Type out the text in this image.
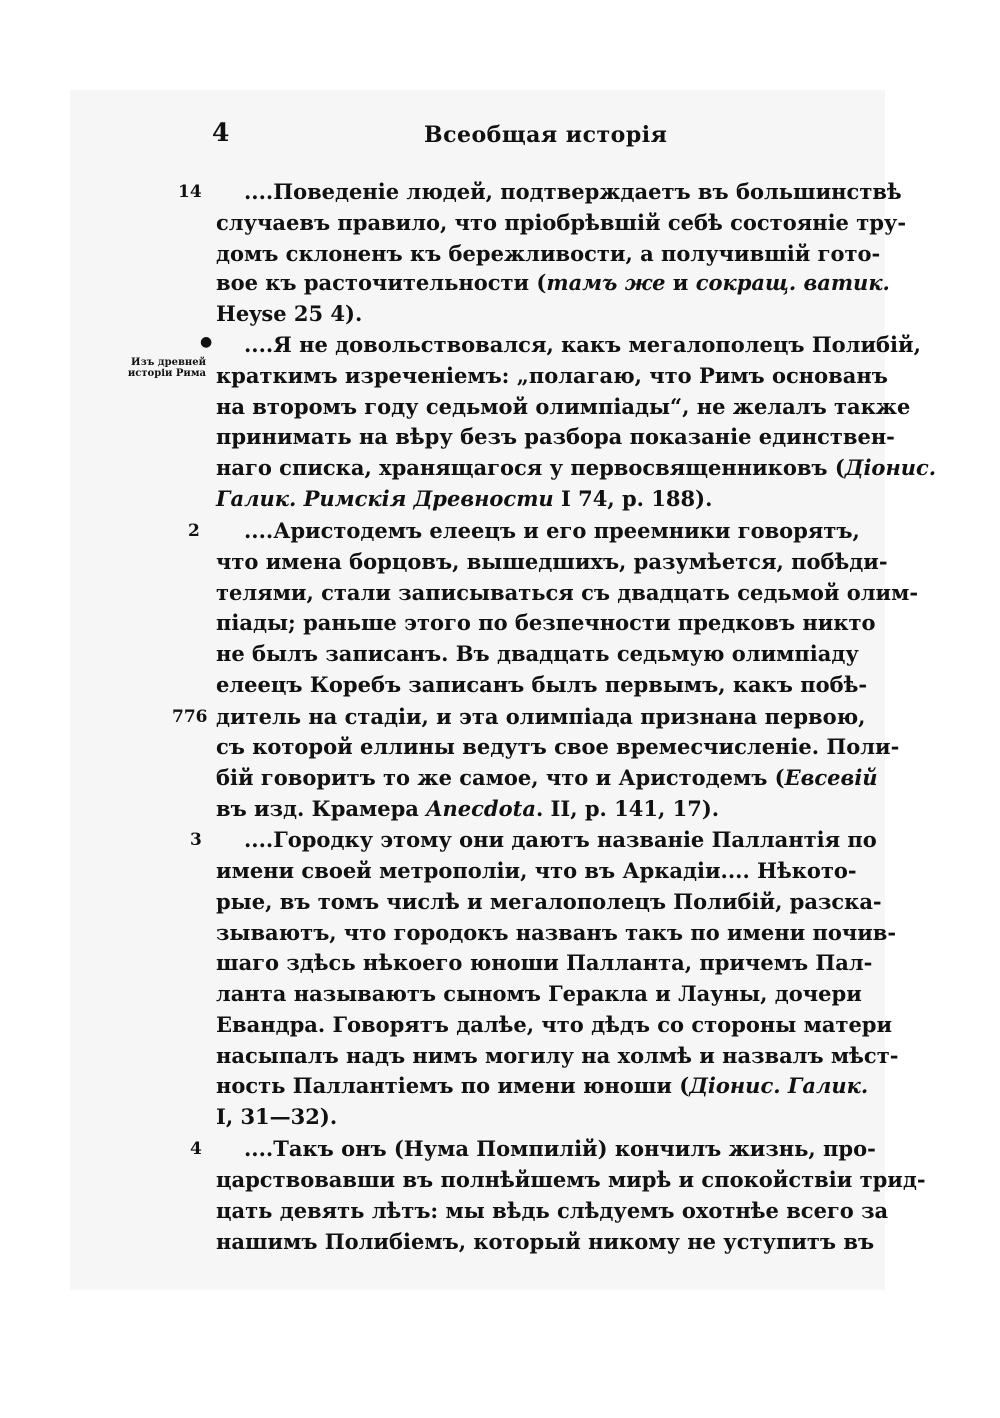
4	Всеобщая исторія
14
●
Изъ древней
исторіи Рима
2
776
3
4
....Поведеніе людей, подтверждаетъ въ большинствѣ
случаевъ правило, что пріобрѣвшій себѣ состояніе тру-
домъ склоненъ къ бережливости, а получившій гото-
вое къ расточительности (тамъ же и сокращ. ватик.
Heyse 25 4).
....Я не довольствовался, какъ мегалополецъ Полибій,
краткимъ изреченіемъ: „полагаю, что Римъ основанъ
на второмъ году седьмой олимпіады“, не желалъ также
принимать на вѣру безъ разбора показаніе единствен-
наго списка, хранящагося у первосвященниковъ (Діонис.
Галик. Римскія Древности I 74, p. 188).
....Аристодемъ елеецъ и его преемники говорятъ,
что имена борцовъ, вышедшихъ, разумѣется, побѣди-
телями, стали записываться съ двадцать седьмой олим-
піады; раньше этого по безпечности предковъ никто
не былъ записанъ. Въ двадцать седьмую олимпіаду
елеецъ Коребъ записанъ былъ первымъ, какъ побѣ-
дитель на стадіи, и эта олимпіада признана первою,
съ которой еллины ведутъ свое времесчисленіе. Поли-
бій говоритъ то же самое, что и Аристодемъ (Евсевій
въ изд. Крамера Anecdota. II, p. 141, 17).
....Городку этому они даютъ названіе Паллантія по
имени своей метрополіи, что въ Аркадіи.... Нѣкото-
рые, въ томъ числѣ и мегалополецъ Полибій, разска-
зываютъ, что городокъ названъ такъ по имени почив-
шаго здѣсь нѣкоего юноши Палланта, причемъ Пал-
ланта называютъ сыномъ Геракла и Лауны, дочери
Евандра. Говорятъ далѣе, что дѣдъ со стороны матери
насыпалъ надъ нимъ могилу на холмѣ и назвалъ мѣст-
ность Паллантіемъ по имени юноши (Діонис. Галик.
I, 31—32).
....Такъ онъ (Нума Помпилій) кончилъ жизнь, про-
царствовавши въ полнѣйшемъ мирѣ и спокойствіи трид-
цать девять лѣтъ: мы вѣдь слѣдуемъ охотнѣе всего за
нашимъ Полибіемъ, который никому не уступитъ въ
